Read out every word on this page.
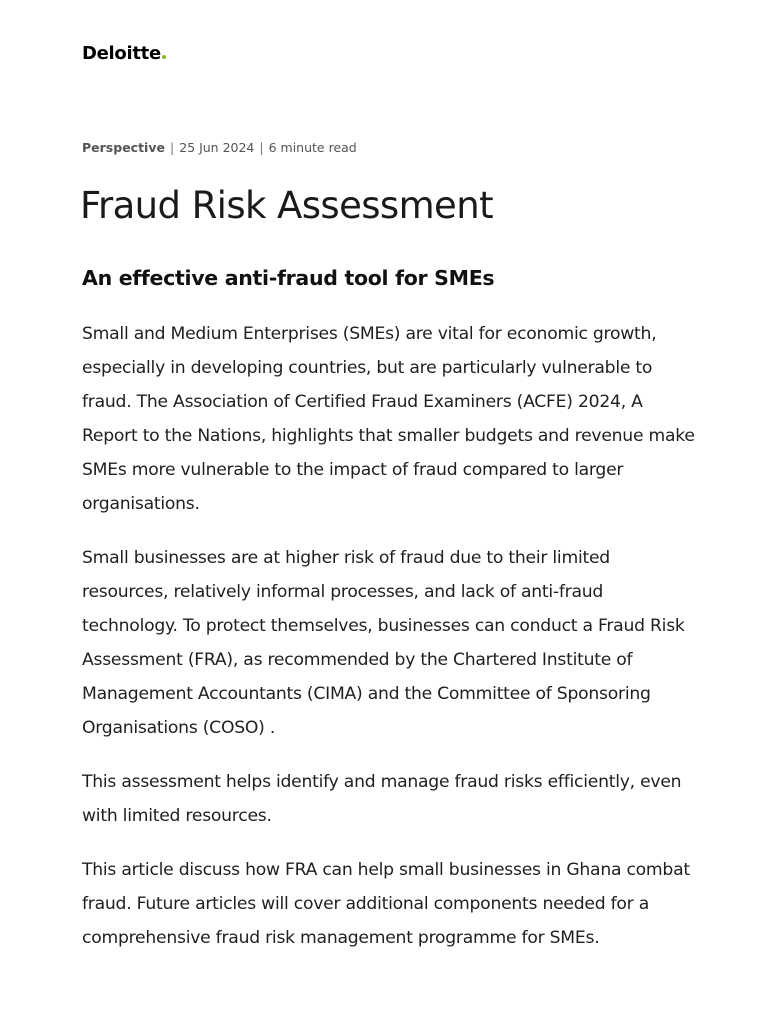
Deloitte
Perspective | 25 Jun 2024 | 6 minute read
Fraud Risk Assessment
An effective anti-fraud tool for SMEs

Small and Medium Enterprises (SMEs) are vital for economic growth, especially in developing countries, but are particularly vulnerable to fraud. The Association of Certified Fraud Examiners (ACFE) 2024, A Report to the Nations, highlights that smaller budgets and revenue make SMEs more vulnerable to the impact of fraud compared to larger organisations.

Small businesses are at higher risk of fraud due to their limited resources, relatively informal processes, and lack of anti-fraud technology. To protect themselves, businesses can conduct a Fraud Risk Assessment (FRA), as recommended by the Chartered Institute of Management Accountants (CIMA) and the Committee of Sponsoring Organisations (COSO) .

This assessment helps identify and manage fraud risks efficiently, even with limited resources.

This article discuss how FRA can help small businesses in Ghana combat fraud. Future articles will cover additional components needed for a comprehensive fraud risk management programme for SMEs.
